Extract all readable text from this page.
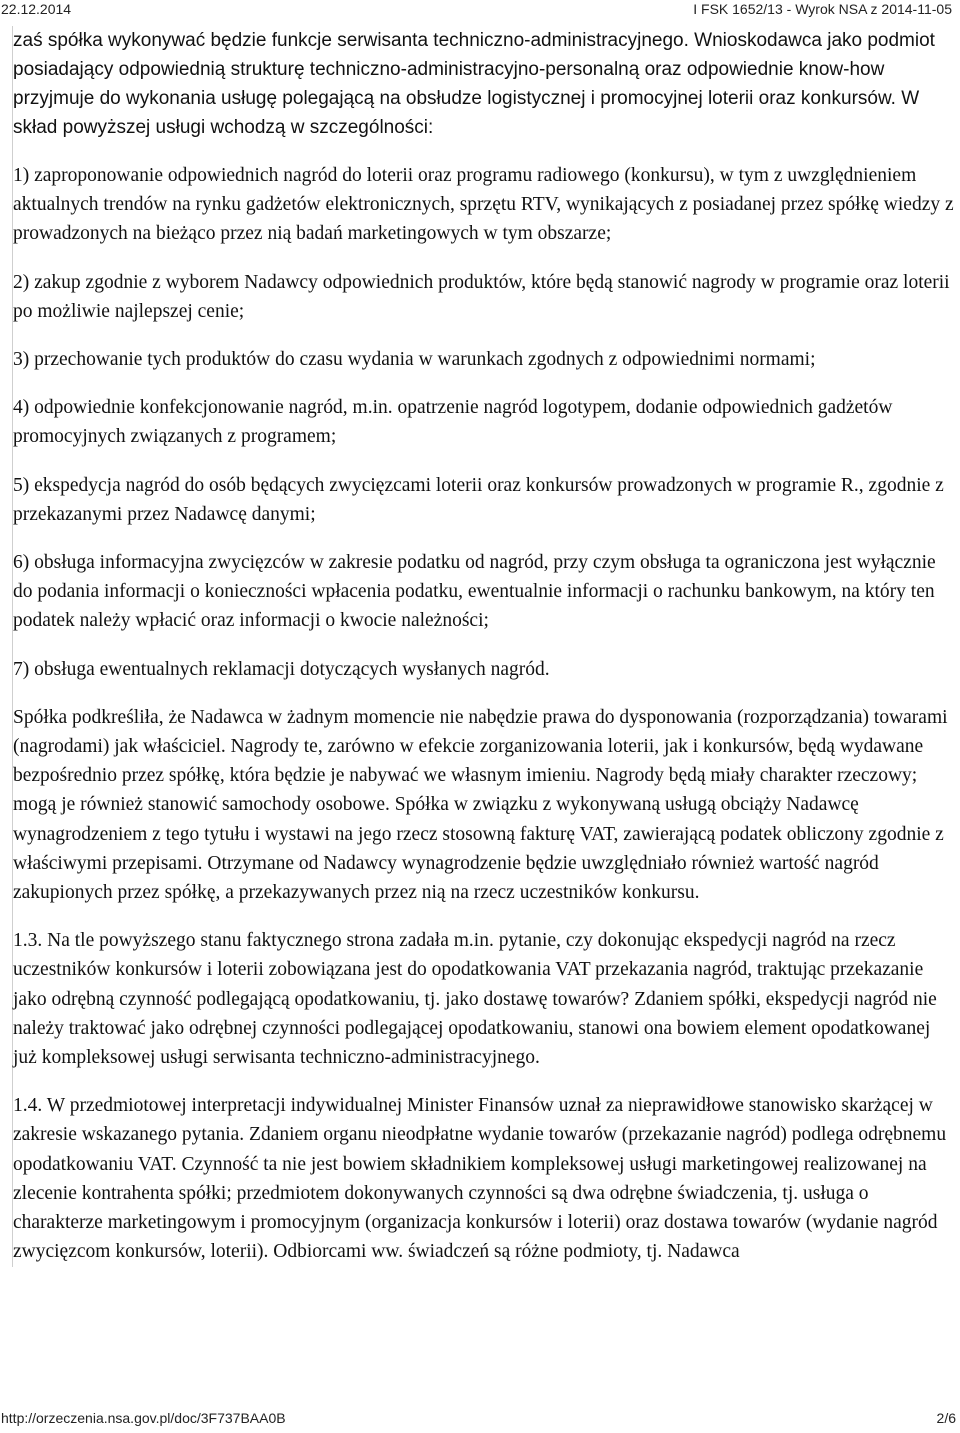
22.12.2014	I FSK 1652/13 - Wyrok NSA z 2014-11-05

zaś spółka wykonywać będzie funkcje serwisanta techniczno-administracyjnego. Wnioskodawca jako podmiot posiadający odpowiednią strukturę techniczno-administracyjno-personalną oraz odpowiednie know-how przyjmuje do wykonania usługę polegającą na obsłudze logistycznej i promocyjnej loterii oraz konkursów. W skład powyższej usługi wchodzą w szczególności:

1) zaproponowanie odpowiednich nagród do loterii oraz programu radiowego (konkursu), w tym z uwzględnieniem aktualnych trendów na rynku gadżetów elektronicznych, sprzętu RTV, wynikających z posiadanej przez spółkę wiedzy z prowadzonych na bieżąco przez nią badań marketingowych w tym obszarze;

2) zakup zgodnie z wyborem Nadawcy odpowiednich produktów, które będą stanowić nagrody w programie oraz loterii po możliwie najlepszej cenie;

3) przechowanie tych produktów do czasu wydania w warunkach zgodnych z odpowiednimi normami;

4) odpowiednie konfekcjonowanie nagród, m.in. opatrzenie nagród logotypem, dodanie odpowiednich gadżetów promocyjnych związanych z programem;

5) ekspedycja nagród do osób będących zwycięzcami loterii oraz konkursów prowadzonych w programie R., zgodnie z przekazanymi przez Nadawcę danymi;

6) obsługa informacyjna zwycięzców w zakresie podatku od nagród, przy czym obsługa ta ograniczona jest wyłącznie do podania informacji o konieczności wpłacenia podatku, ewentualnie informacji o rachunku bankowym, na który ten podatek należy wpłacić oraz informacji o kwocie należności;

7) obsługa ewentualnych reklamacji dotyczących wysłanych nagród.

Spółka podkreśliła, że Nadawca w żadnym momencie nie nabędzie prawa do dysponowania (rozporządzania) towarami (nagrodami) jak właściciel. Nagrody te, zarówno w efekcie zorganizowania loterii, jak i konkursów, będą wydawane bezpośrednio przez spółkę, która będzie je nabywać we własnym imieniu. Nagrody będą miały charakter rzeczowy; mogą je również stanowić samochody osobowe. Spółka w związku z wykonywaną usługą obciąży Nadawcę wynagrodzeniem z tego tytułu i wystawi na jego rzecz stosowną fakturę VAT, zawierającą podatek obliczony zgodnie z właściwymi przepisami. Otrzymane od Nadawcy wynagrodzenie będzie uwzględniało również wartość nagród zakupionych przez spółkę, a przekazywanych przez nią na rzecz uczestników konkursu.

1.3. Na tle powyższego stanu faktycznego strona zadała m.in. pytanie, czy dokonując ekspedycji nagród na rzecz uczestników konkursów i loterii zobowiązana jest do opodatkowania VAT przekazania nagród, traktując przekazanie jako odrębną czynność podlegającą opodatkowaniu, tj. jako dostawę towarów? Zdaniem spółki, ekspedycji nagród nie należy traktować jako odrębnej czynności podlegającej opodatkowaniu, stanowi ona bowiem element opodatkowanej już kompleksowej usługi serwisanta techniczno-administracyjnego.

1.4. W przedmiotowej interpretacji indywidualnej Minister Finansów uznał za nieprawidłowe stanowisko skarżącej w zakresie wskazanego pytania. Zdaniem organu nieodpłatne wydanie towarów (przekazanie nagród) podlega odrębnemu opodatkowaniu VAT. Czynność ta nie jest bowiem składnikiem kompleksowej usługi marketingowej realizowanej na zlecenie kontrahenta spółki; przedmiotem dokonywanych czynności są dwa odrębne świadczenia, tj. usługa o charakterze marketingowym i promocyjnym (organizacja konkursów i loterii) oraz dostawa towarów (wydanie nagród zwycięzcom konkursów, loterii). Odbiorcami ww. świadczeń są różne podmioty, tj. Nadawca

http://orzeczenia.nsa.gov.pl/doc/3F737BAA0B	2/6
